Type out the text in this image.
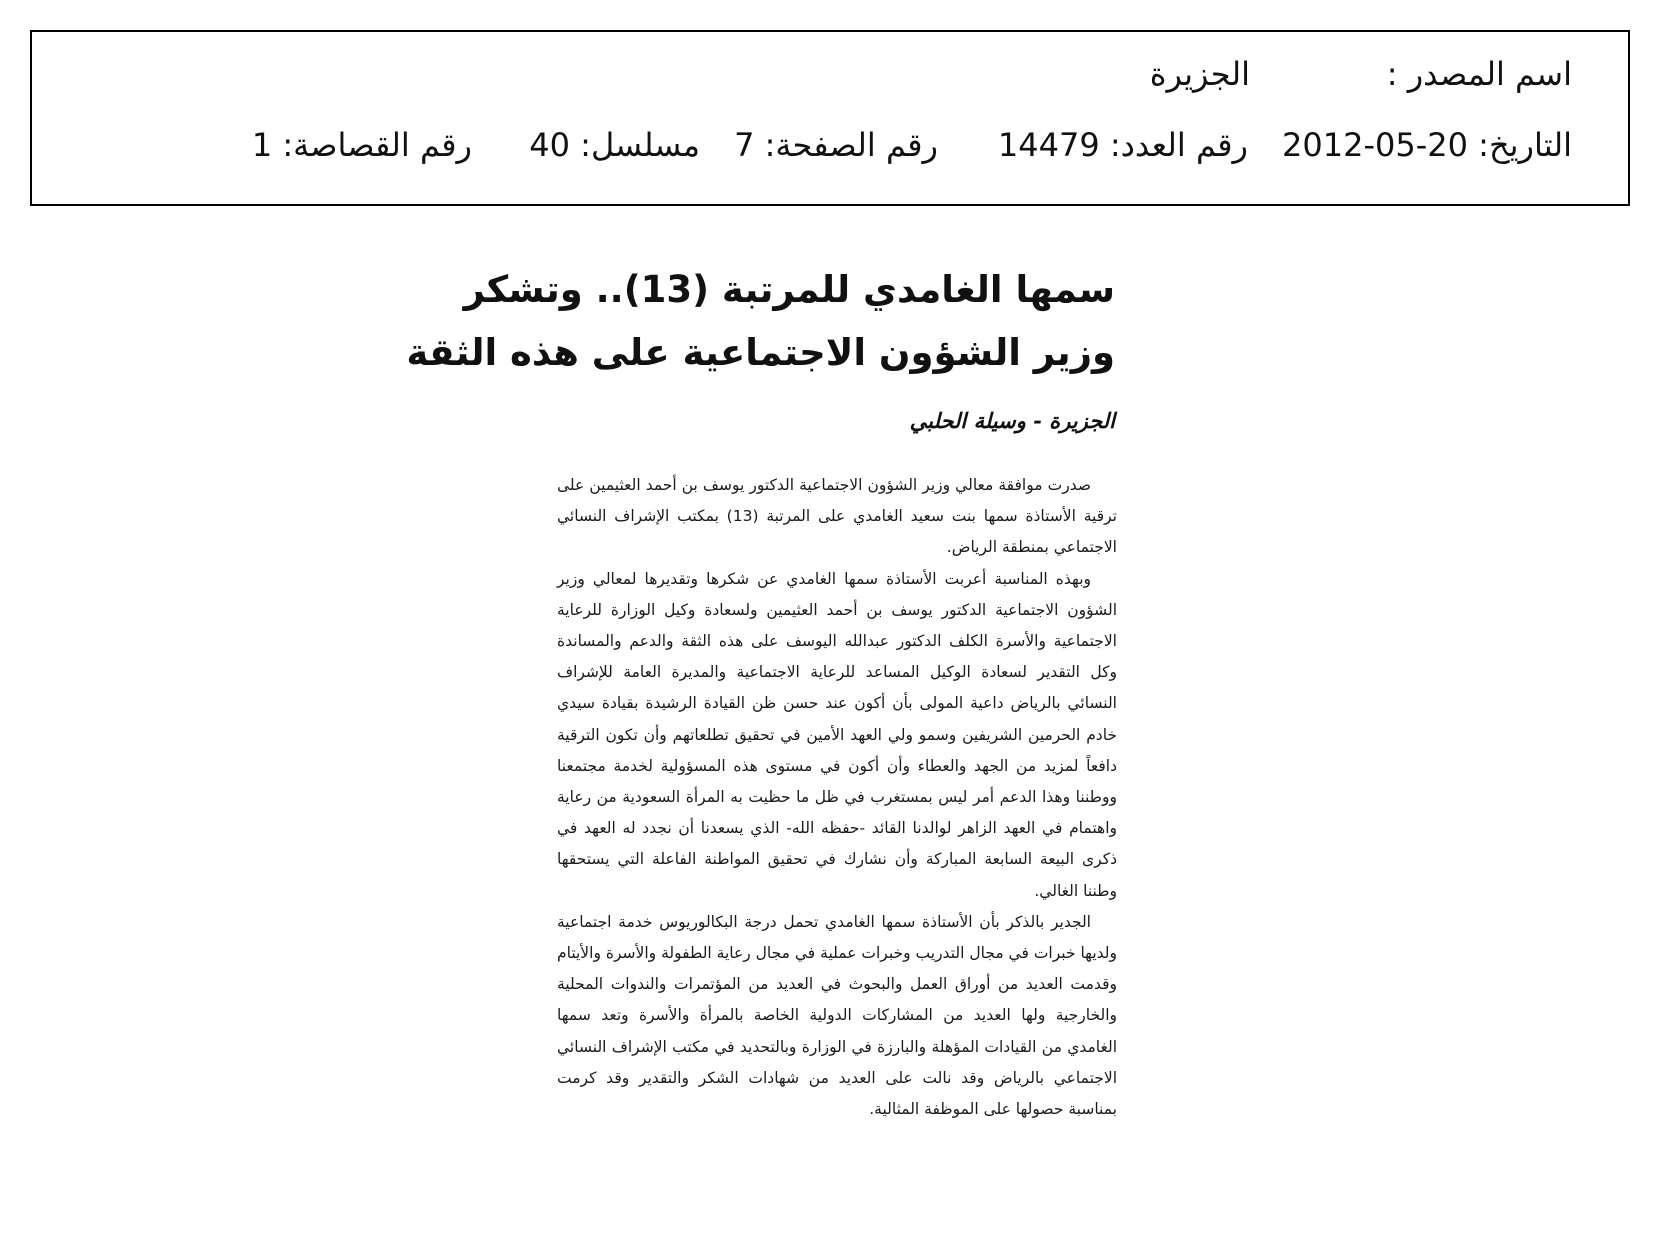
اسم المصدر :
الجزيرة
التاريخ: 2012-05-20
رقم العدد: 14479
رقم الصفحة: 7
مسلسل: 40
رقم القصاصة: 1
سمها الغامدي للمرتبة (13).. وتشكر
وزير الشؤون الاجتماعية على هذه الثقة
الجزيرة - وسيلة الحلبي

صدرت موافقة معالي وزير الشؤون الاجتماعية الدكتور يوسف بن أحمد العثيمين على ترقية الأستاذة سمها بنت سعيد الغامدي على المرتبة (13) بمكتب الإشراف النسائي الاجتماعي بمنطقة الرياض.

وبهذه المناسبة أعربت الأستاذة سمها الغامدي عن شكرها وتقديرها لمعالي وزير الشؤون الاجتماعية الدكتور يوسف بن أحمد العثيمين ولسعادة وكيل الوزارة للرعاية الاجتماعية والأسرة الكلف الدكتور عبدالله اليوسف على هذه الثقة والدعم والمساندة وكل التقدير لسعادة الوكيل المساعد للرعاية الاجتماعية والمديرة العامة للإشراف النسائي بالرياض داعية المولى بأن أكون عند حسن ظن القيادة الرشيدة بقيادة سيدي خادم الحرمين الشريفين وسمو ولي العهد الأمين في تحقيق تطلعاتهم وأن تكون الترقية دافعاً لمزيد من الجهد والعطاء وأن أكون في مستوى هذه المسؤولية لخدمة مجتمعنا ووطننا وهذا الدعم أمر ليس بمستغرب في ظل ما حظيت به المرأة السعودية من رعاية واهتمام في العهد الزاهر لوالدنا القائد -حفظه الله- الذي يسعدنا أن نجدد له العهد في ذكرى البيعة السابعة المباركة وأن نشارك في تحقيق المواطنة الفاعلة التي يستحقها وطننا الغالي.

الجدير بالذكر بأن الأستاذة سمها الغامدي تحمل درجة البكالوريوس خدمة اجتماعية ولديها خبرات في مجال التدريب وخبرات عملية في مجال رعاية الطفولة والأسرة والأيتام وقدمت العديد من أوراق العمل والبحوث في العديد من المؤتمرات والندوات المحلية والخارجية ولها العديد من المشاركات الدولية الخاصة بالمرأة والأسرة وتعد سمها الغامدي من القيادات المؤهلة والبارزة في الوزارة وبالتحديد في مكتب الإشراف النسائي الاجتماعي بالرياض وقد نالت على العديد من شهادات الشكر والتقدير وقد كرمت بمناسبة حصولها على الموظفة المثالية.
